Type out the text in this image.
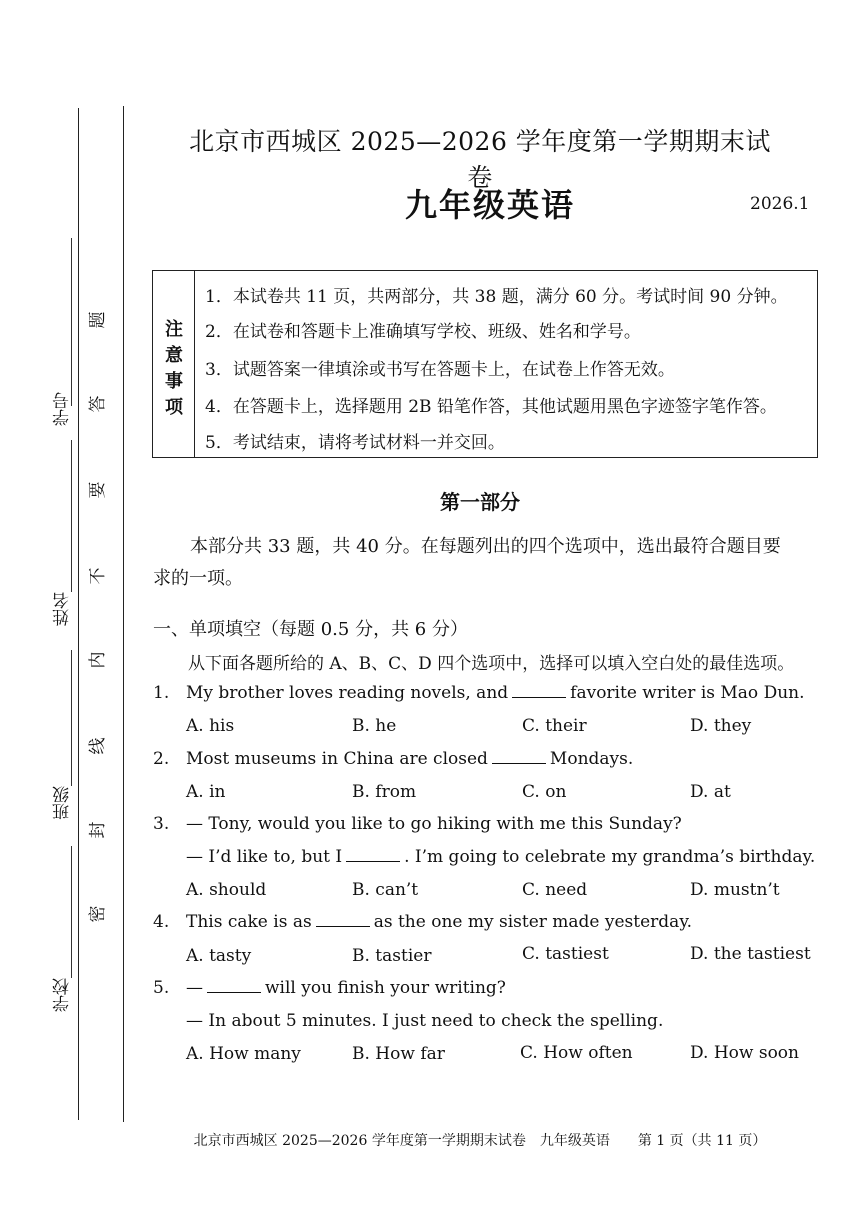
学号
姓名
班级
学校
题
答
要
不
内
线
封
密
北京市西城区 2025—2026 学年度第一学期期末试卷
九年级英语	2026.1
注
意
事
项
1．本试卷共 11 页，共两部分，共 38 题，满分 60 分。考试时间 90 分钟。
2．在试卷和答题卡上准确填写学校、班级、姓名和学号。
3．试题答案一律填涂或书写在答题卡上，在试卷上作答无效。
4．在答题卡上，选择题用 2B 铅笔作答，其他试题用黑色字迹签字笔作答。
5．考试结束，请将考试材料一并交回。
第一部分
本部分共 33 题，共 40 分。在每题列出的四个选项中，选出最符合题目要
求的一项。
一、单项填空（每题 0.5 分，共 6 分）
从下面各题所给的 A、B、C、D 四个选项中，选择可以填入空白处的最佳选项。
1. My brother loves reading novels, and	favorite writer is Mao Dun.
A. his	B. he	C. their	D. they
2. Most museums in China are closed	Mondays.
A. in	B. from	C. on	D. at
3. — Tony, would you like to go hiking with me this Sunday?
— I’d like to, but I	. I’m going to celebrate my grandma’s birthday.
A. should	B. can’t	C. need	D. mustn’t
4. This cake is as	as the one my sister made yesterday.
A. tasty	B. tastier	C. tastiest	D. the tastiest
5. —	will you finish your writing?
— In about 5 minutes. I just need to check the spelling.
A. How many	B. How far	C. How often	D. How soon
北京市西城区 2025—2026 学年度第一学期期末试卷　九年级英语　　第 1 页（共 11 页）
